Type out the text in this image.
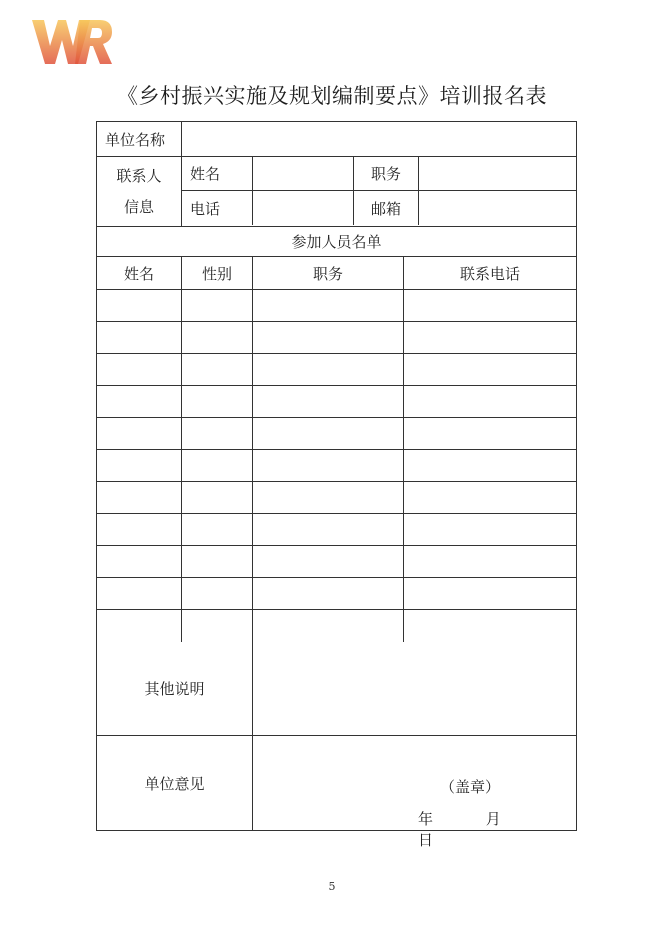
《乡村振兴实施及规划编制要点》培训报名表
单位名称
联系人
信息
姓名	职务
电话	邮箱
参加人员名单
姓名	性别	职务	联系电话
其他说明
单位意见	（盖章）
年	月 日
5
